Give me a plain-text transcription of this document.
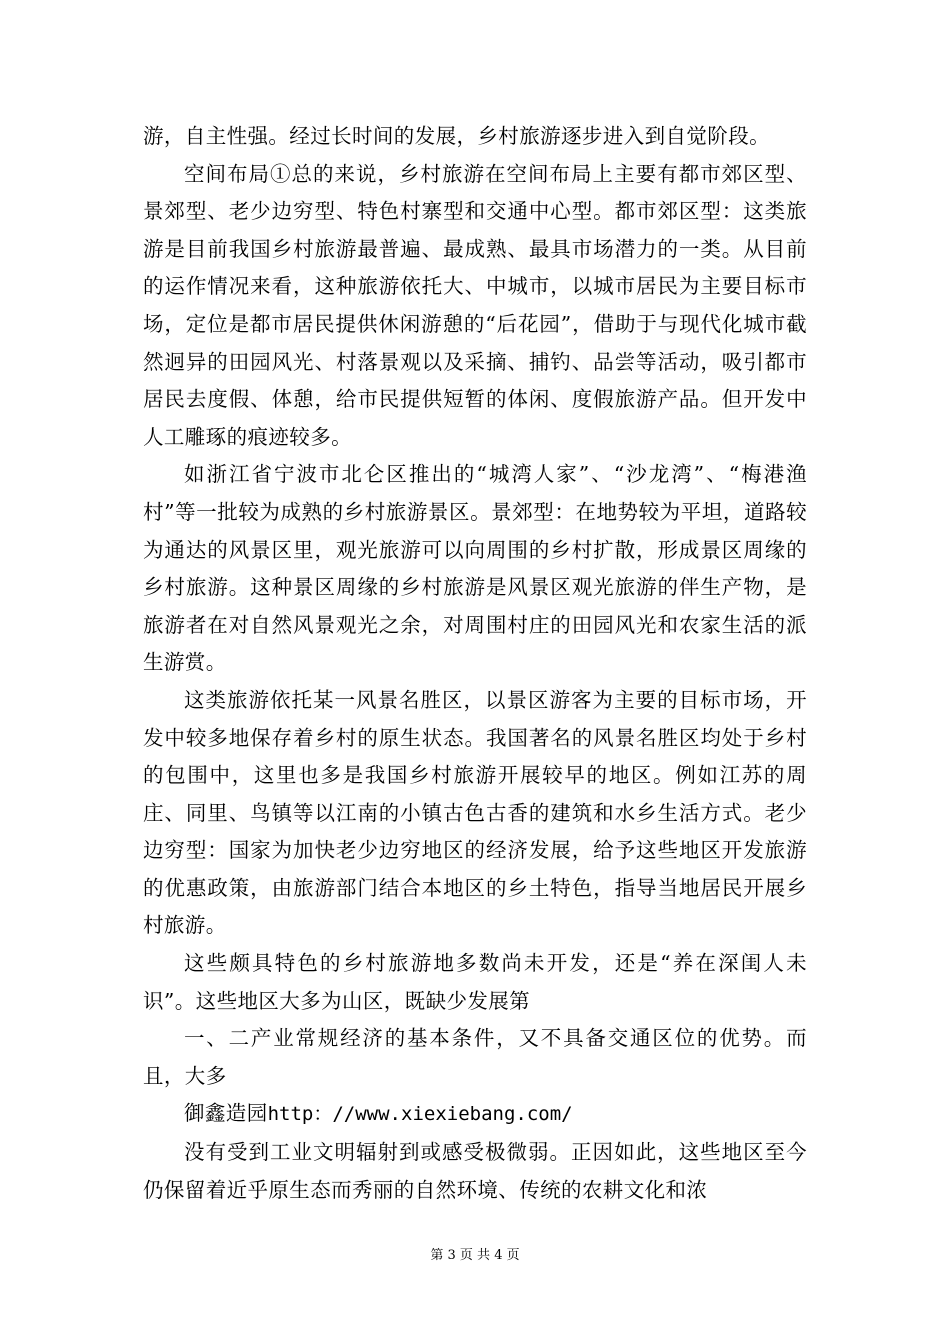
游，自主性强。经过长时间的发展，乡村旅游逐步进入到自觉阶段。

空间布局①总的来说，乡村旅游在空间布局上主要有都市郊区型、景郊型、老少边穷型、特色村寨型和交通中心型。都市郊区型：这类旅游是目前我国乡村旅游最普遍、最成熟、最具市场潜力的一类。从目前的运作情况来看，这种旅游依托大、中城市，以城市居民为主要目标市场，定位是都市居民提供休闲游憩的“后花园”，借助于与现代化城市截然迥异的田园风光、村落景观以及采摘、捕钓、品尝等活动，吸引都市居民去度假、体憩，给市民提供短暂的体闲、度假旅游产品。但开发中人工雕琢的痕迹较多。

如浙江省宁波市北仑区推出的“城湾人家”、“沙龙湾”、“梅港渔村”等一批较为成熟的乡村旅游景区。景郊型：在地势较为平坦，道路较为通达的风景区里，观光旅游可以向周围的乡村扩散，形成景区周缘的乡村旅游。这种景区周缘的乡村旅游是风景区观光旅游的伴生产物，是旅游者在对自然风景观光之余，对周围村庄的田园风光和农家生活的派生游赏。

这类旅游依托某一风景名胜区，以景区游客为主要的目标市场，开发中较多地保存着乡村的原生状态。我国著名的风景名胜区均处于乡村的包围中，这里也多是我国乡村旅游开展较早的地区。例如江苏的周庄、同里、鸟镇等以江南的小镇古色古香的建筑和水乡生活方式。老少边穷型：国家为加快老少边穷地区的经济发展，给予这些地区开发旅游的优惠政策，由旅游部门结合本地区的乡土特色，指导当地居民开展乡村旅游。

这些颇具特色的乡村旅游地多数尚未开发，还是“养在深闺人未识”。这些地区大多为山区，既缺少发展第

一、二产业常规经济的基本条件，又不具备交通区位的优势。而且，大多

御鑫造园http：//www.xiexiebang.com/

没有受到工业文明辐射到或感受极微弱。正因如此，这些地区至今仍保留着近乎原生态而秀丽的自然环境、传统的农耕文化和浓

第 3 页 共 4 页
